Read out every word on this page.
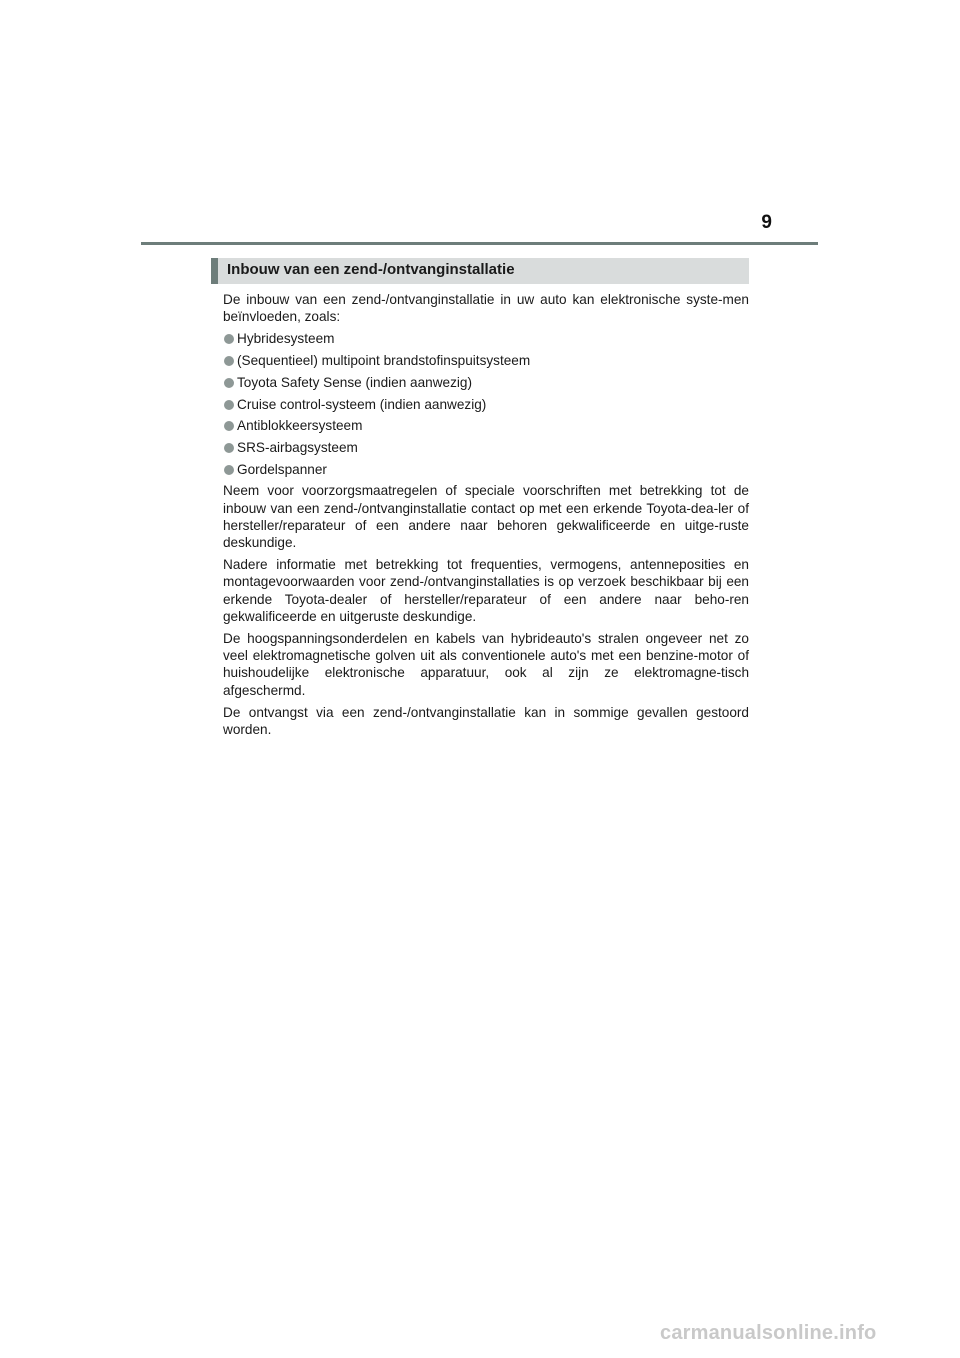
9
Inbouw van een zend-/ontvanginstallatie

De inbouw van een zend-/ontvanginstallatie in uw auto kan elektronische syste-men beïnvloeden, zoals:

Hybridesysteem
(Sequentieel) multipoint brandstofinspuitsysteem
Toyota Safety Sense (indien aanwezig)
Cruise control-systeem (indien aanwezig)
Antiblokkeersysteem
SRS-airbagsysteem
Gordelspanner

Neem voor voorzorgsmaatregelen of speciale voorschriften met betrekking tot de inbouw van een zend-/ontvanginstallatie contact op met een erkende Toyota-dea-ler of hersteller/reparateur of een andere naar behoren gekwalificeerde en uitge-ruste deskundige.

Nadere informatie met betrekking tot frequenties, vermogens, antenneposities en montagevoorwaarden voor zend-/ontvanginstallaties is op verzoek beschikbaar bij een erkende Toyota-dealer of hersteller/reparateur of een andere naar beho-ren gekwalificeerde en uitgeruste deskundige.

De hoogspanningsonderdelen en kabels van hybrideauto's stralen ongeveer net zo veel elektromagnetische golven uit als conventionele auto's met een benzine-motor of huishoudelijke elektronische apparatuur, ook al zijn ze elektromagne-tisch afgeschermd.

De ontvangst via een zend-/ontvanginstallatie kan in sommige gevallen gestoord worden.

carmanualsonline.info
